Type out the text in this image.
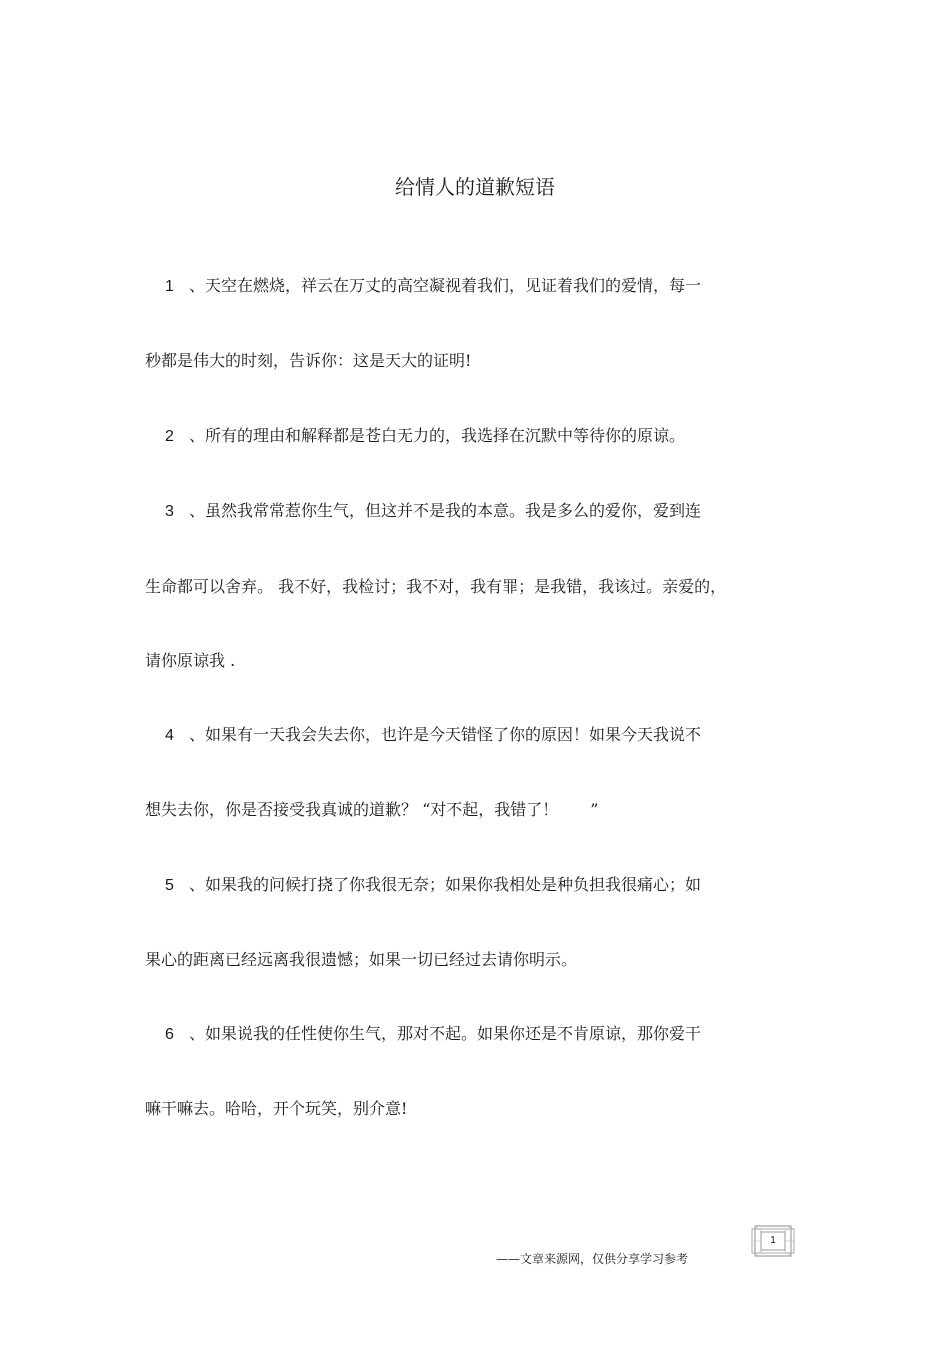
给情人的道歉短语
1 、天空在燃烧，祥云在万丈的高空凝视着我们，见证着我们的爱情，每一
秒都是伟大的时刻，告诉你：这是天大的证明!
2 、所有的理由和解释都是苍白无力的，我选择在沉默中等待你的原谅。
3 、虽然我常常惹你生气，但这并不是我的本意。我是多么的爱你，爱到连
生命都可以舍弃。 我不好，我检讨；我不对，我有罪；是我错，我该过。亲爱的，
请你原谅我 .
4 、如果有一天我会失去你，也许是今天错怪了你的原因！如果今天我说不
想失去你，你是否接受我真诚的道歉？ “对不起，我错了！　　”
5 、如果我的问候打挠了你我很无奈；如果你我相处是种负担我很痛心；如
果心的距离已经远离我很遗憾；如果一切已经过去请你明示。
6 、如果说我的任性使你生气，那对不起。如果你还是不肯原谅，那你爱干
嘛干嘛去。哈哈，开个玩笑，别介意!
——文章来源网，仅供分享学习参考
1
